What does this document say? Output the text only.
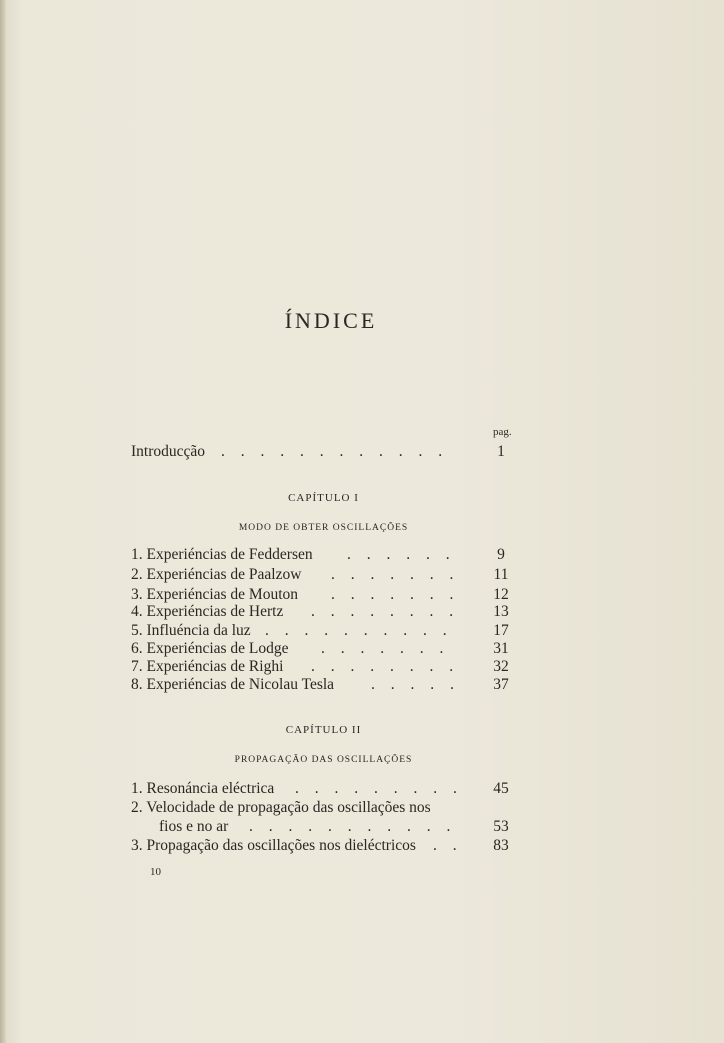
ÍNDICE
pag.
Introducção . . . . . . . . . . . .	1
CAPÍTULO I
MODO DE OBTER OSCILLAÇÕES
1. Experiéncias de Feddersen . . . . . .	9
2. Experiéncias de Paalzow . . . . . . .	11
3. Experiéncias de Mouton . . . . . . .	12
4. Experiéncias de Hertz . . . . . . . .	13
5. Influéncia da luz . . . . . . . . . .	17
6. Experiéncias de Lodge . . . . . . .	31
7. Experiéncias de Righi . . . . . . . .	32
8. Experiéncias de Nicolau Tesla . . . . .	37
CAPÍTULO II
PROPAGAÇÃO DAS OSCILLAÇÕES
1. Resonáncia eléctrica . . . . . . . . .	45
2. Velocidade de propagação das oscillações nos
fios e no ar . . . . . . . . . . .	53
3. Propagação das oscillações nos dieléctricos . .	83
10
